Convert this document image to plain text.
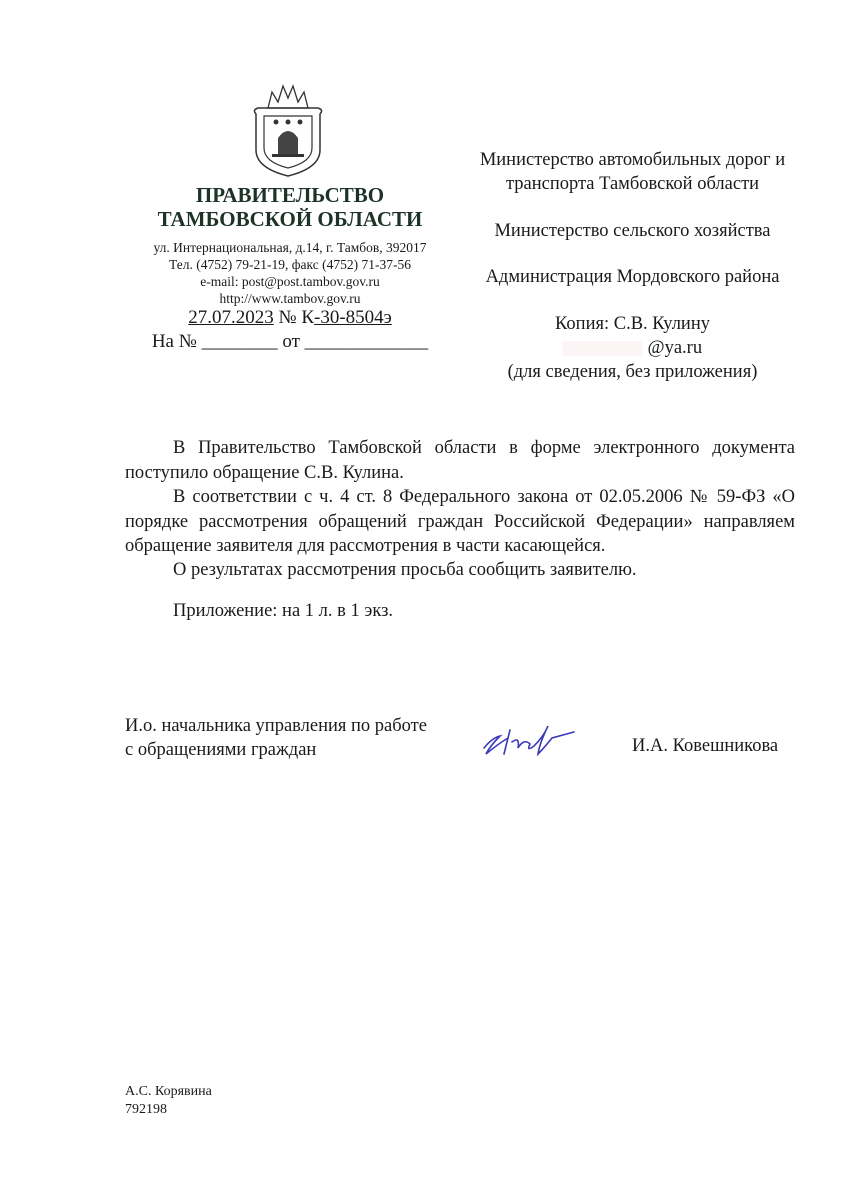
ПРАВИТЕЛЬСТВО
ТАМБОВСКОЙ ОБЛАСТИ
ул. Интернациональная, д.14, г. Тамбов, 392017
Тел. (4752) 79-21-19, факс (4752) 71-37-56
e-mail: post@post.tambov.gov.ru
http://www.tambov.gov.ru
27.07.2023 № К-30-8504э
На № ________ от _____________
Министерство автомобильных дорог и транспорта Тамбовской области
Министерство сельского хозяйства
Администрация Мордовского района
Копия: С.В. Кулину
@ya.ru
(для сведения, без приложения)
В Правительство Тамбовской области в форме электронного документа поступило обращение С.В. Кулина.
В соответствии с ч. 4 ст. 8 Федерального закона от 02.05.2006 № 59-ФЗ «О порядке рассмотрения обращений граждан Российской Федерации» направляем обращение заявителя для рассмотрения в части касающейся.
О результатах рассмотрения просьба сообщить заявителю.
Приложение: на 1 л. в 1 экз.
И.о. начальника управления по работе
с обращениями граждан	И.А. Ковешникова
А.С. Корявина
792198
